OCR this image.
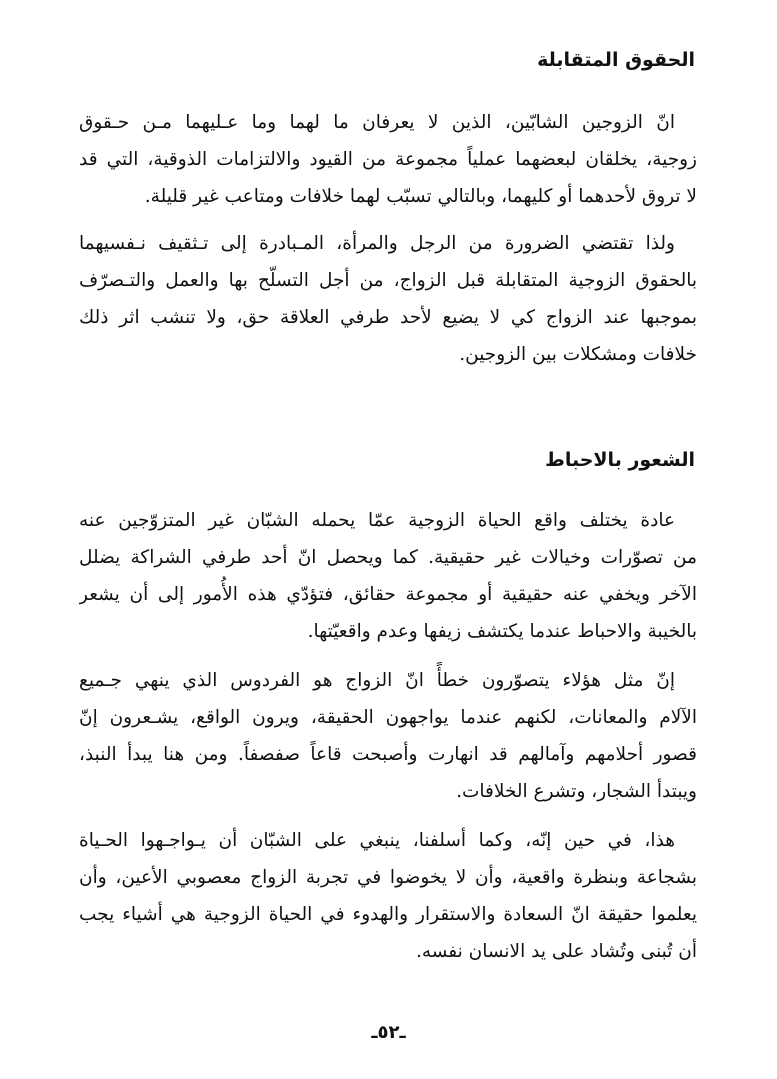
الحقوق المتقابلة
انّ الزوجين الشابّين، الذين لا يعرفان ما لهما وما عـليهما مـن حـقوق
زوجية، يخلقان لبعضهما عملياً مجموعة من القيود والالتزامات الذوقية، التي قد
لا تروق لأحدهما أو كليهما، وبالتالي تسبّب لهما خلافات ومتاعب غير قليلة.
ولذا تقتضي الضرورة من الرجل والمرأة، المـبادرة إلى تـثقيف نـفسيهما
بالحقوق الزوجية المتقابلة قبل الزواج، من أجل التسلّح بها والعمل والتـصرّف
بموجبها عند الزواج كي لا يضيع لأحد طرفي العلاقة حق، ولا تنشب اثر ذلك
خلافات ومشكلات بين الزوجين.
الشعور بالاحباط
عادة يختلف واقع الحياة الزوجية عمّا يحمله الشبّان غير المتزوّجين عنه
من تصوّرات وخيالات غير حقيقية. كما ويحصل انّ أحد طرفي الشراكة يضلل
الآخر ويخفي عنه حقيقية أو مجموعة حقائق، فتؤدّي هذه الأُمور إلى أن يشعر
بالخيبة والاحباط عندما يكتشف زيفها وعدم واقعيّتها.
إنّ مثل هؤلاء يتصوّرون خطأً انّ الزواج هو الفردوس الذي ينهي جـميع
الآلام والمعانات، لكنهم عندما يواجهون الحقيقة، ويرون الواقع، يشـعرون إنّ
قصور أحلامهم وآمالهم قد انهارت وأصبحت قاعاً صفصفاً. ومن هنا يبدأ النبذ،
ويبتدأ الشجار، وتشرع الخلافات.
هذا، في حين إنّه، وكما أسلفنا، ينبغي على الشبّان أن يـواجـهوا الحـياة
بشجاعة وبنظرة واقعية، وأن لا يخوضوا في تجربة الزواج معصوبي الأعين، وأن
يعلموا حقيقة انّ السعادة والاستقرار والهدوء في الحياة الزوجية هي أشياء يجب
أن تُبنى وتُشاد على يد الانسان نفسه.
ـ٥٢ـ
